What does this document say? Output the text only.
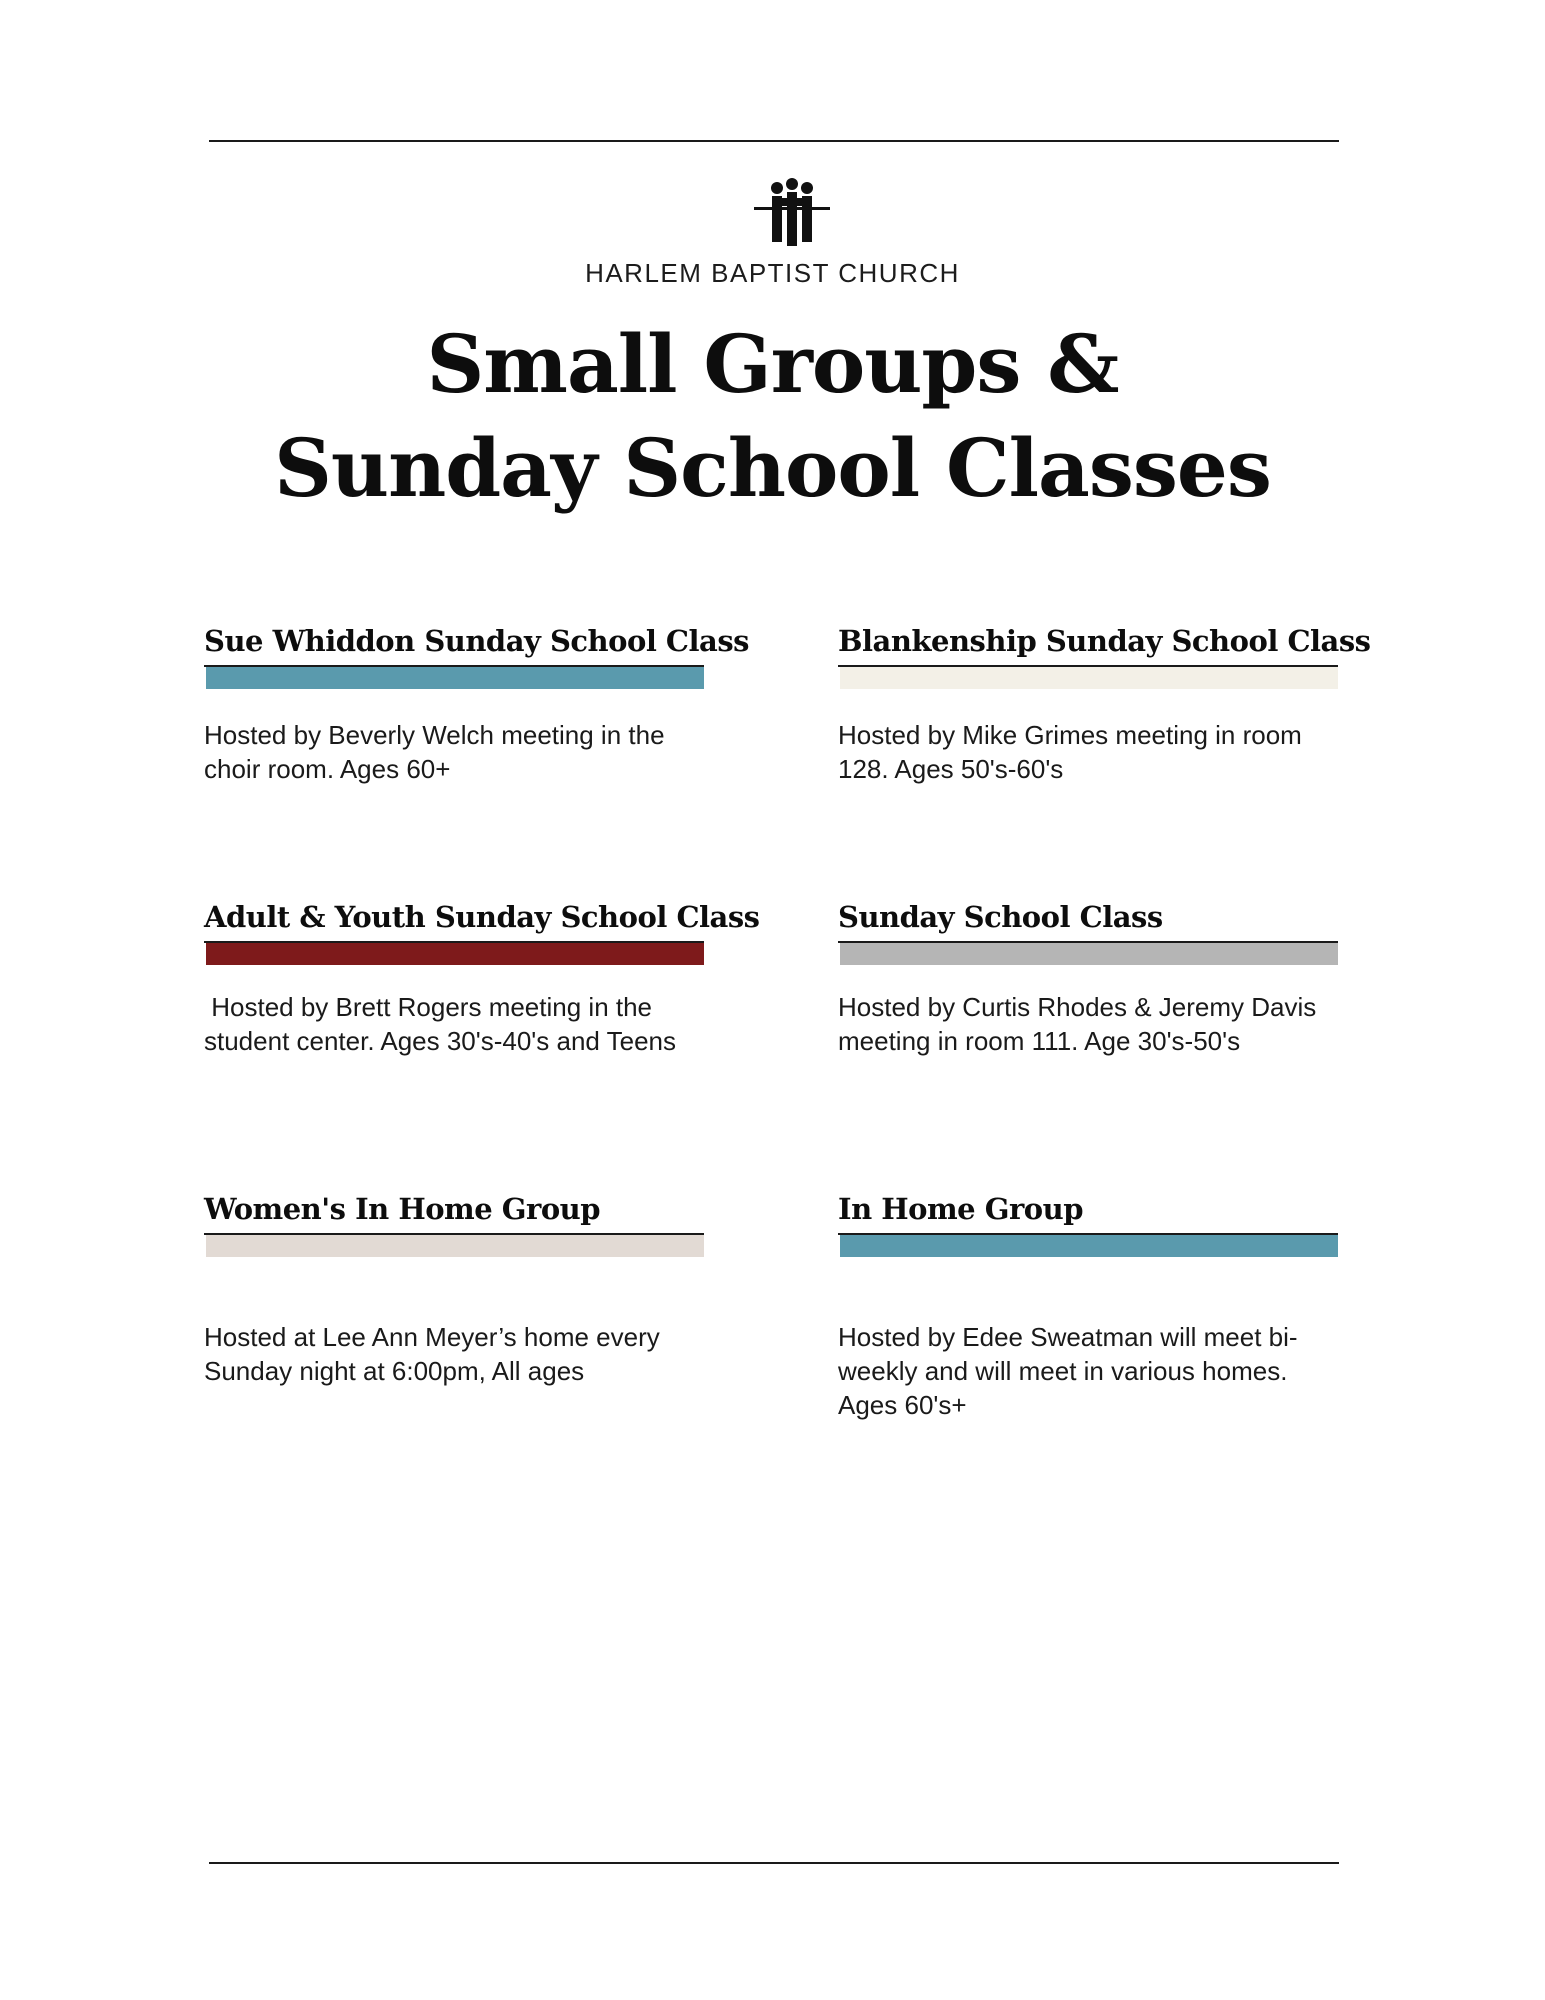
HARLEM BAPTIST CHURCH
Small Groups &
Sunday School Classes
Sue Whiddon Sunday School Class
Hosted by Beverly Welch meeting in the choir room. Ages 60+
Blankenship Sunday School Class
Hosted by Mike Grimes meeting in room 128. Ages 50's-60's
Adult & Youth Sunday School Class
Hosted by Brett Rogers meeting in the student center. Ages 30's-40's and Teens
Sunday School Class
Hosted by Curtis Rhodes & Jeremy Davis meeting in room 111. Age 30's-50's
Women's In Home Group
Hosted at Lee Ann Meyer’s home every Sunday night at 6:00pm, All ages
In Home Group
Hosted by Edee Sweatman will meet bi-weekly and will meet in various homes. Ages 60's+
